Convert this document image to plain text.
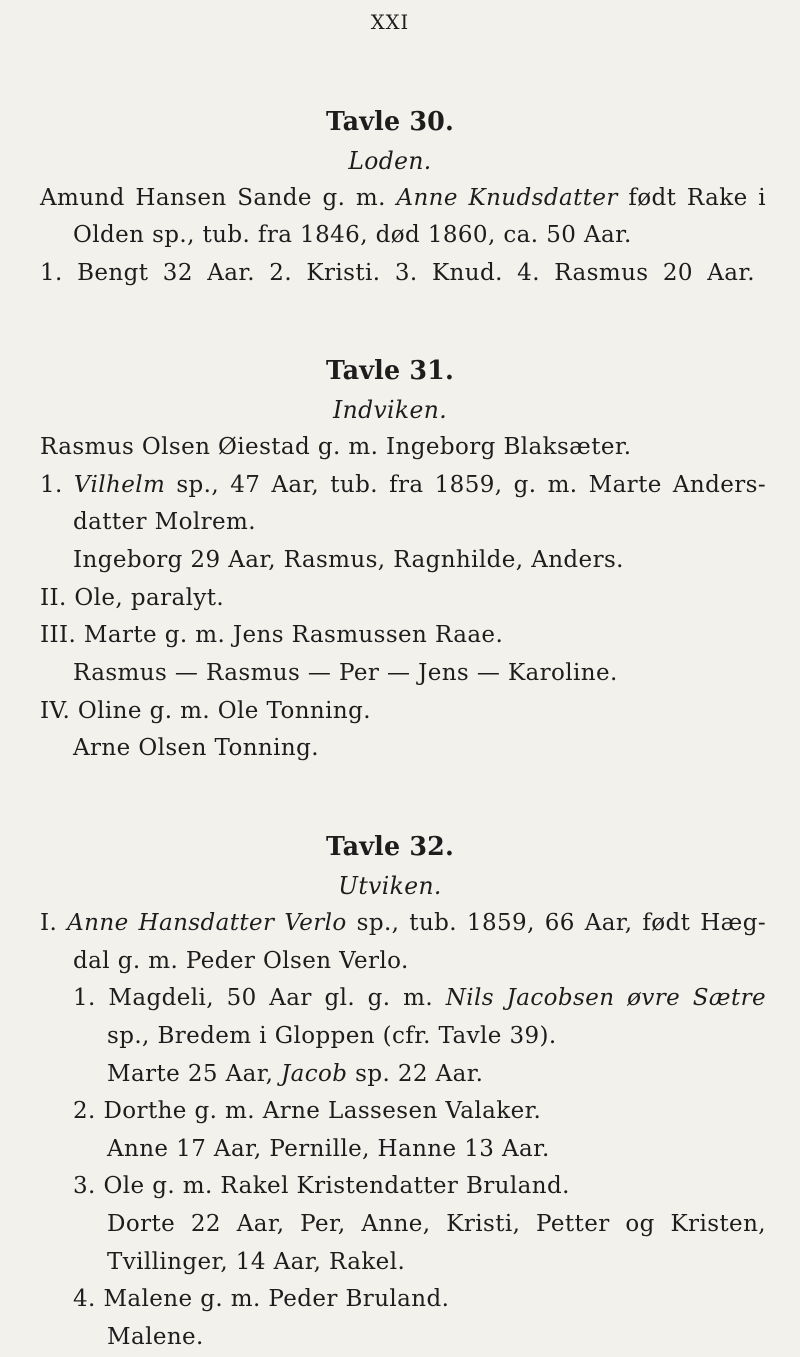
XXI
Tavle 30.
Loden.
Amund Hansen Sande g. m. Anne Knudsdatter født Rake i
Olden sp., tub. fra 1846, død 1860, ca. 50 Aar.
1. Bengt 32 Aar. 2. Kristi. 3. Knud. 4. Rasmus 20 Aar.
Tavle 31.
Indviken.
Rasmus Olsen Øiestad g. m. Ingeborg Blaksæter.
1. Vilhelm sp., 47 Aar, tub. fra 1859, g. m. Marte Anders-
datter Molrem.
Ingeborg 29 Aar, Rasmus, Ragnhilde, Anders.
II. Ole, paralyt.
III. Marte g. m. Jens Rasmussen Raae.
Rasmus — Rasmus — Per — Jens — Karoline.
IV. Oline g. m. Ole Tonning.
Arne Olsen Tonning.
Tavle 32.
Utviken.
I. Anne Hansdatter Verlo sp., tub. 1859, 66 Aar, født Hæg-
dal g. m. Peder Olsen Verlo.
1. Magdeli, 50 Aar gl. g. m. Nils Jacobsen øvre Sætre
sp., Bredem i Gloppen (cfr. Tavle 39).
Marte 25 Aar, Jacob sp. 22 Aar.
2. Dorthe g. m. Arne Lassesen Valaker.
Anne 17 Aar, Pernille, Hanne 13 Aar.
3. Ole g. m. Rakel Kristendatter Bruland.
Dorte 22 Aar, Per, Anne, Kristi, Petter og Kristen,
Tvillinger, 14 Aar, Rakel.
4. Malene g. m. Peder Bruland.
Malene.
